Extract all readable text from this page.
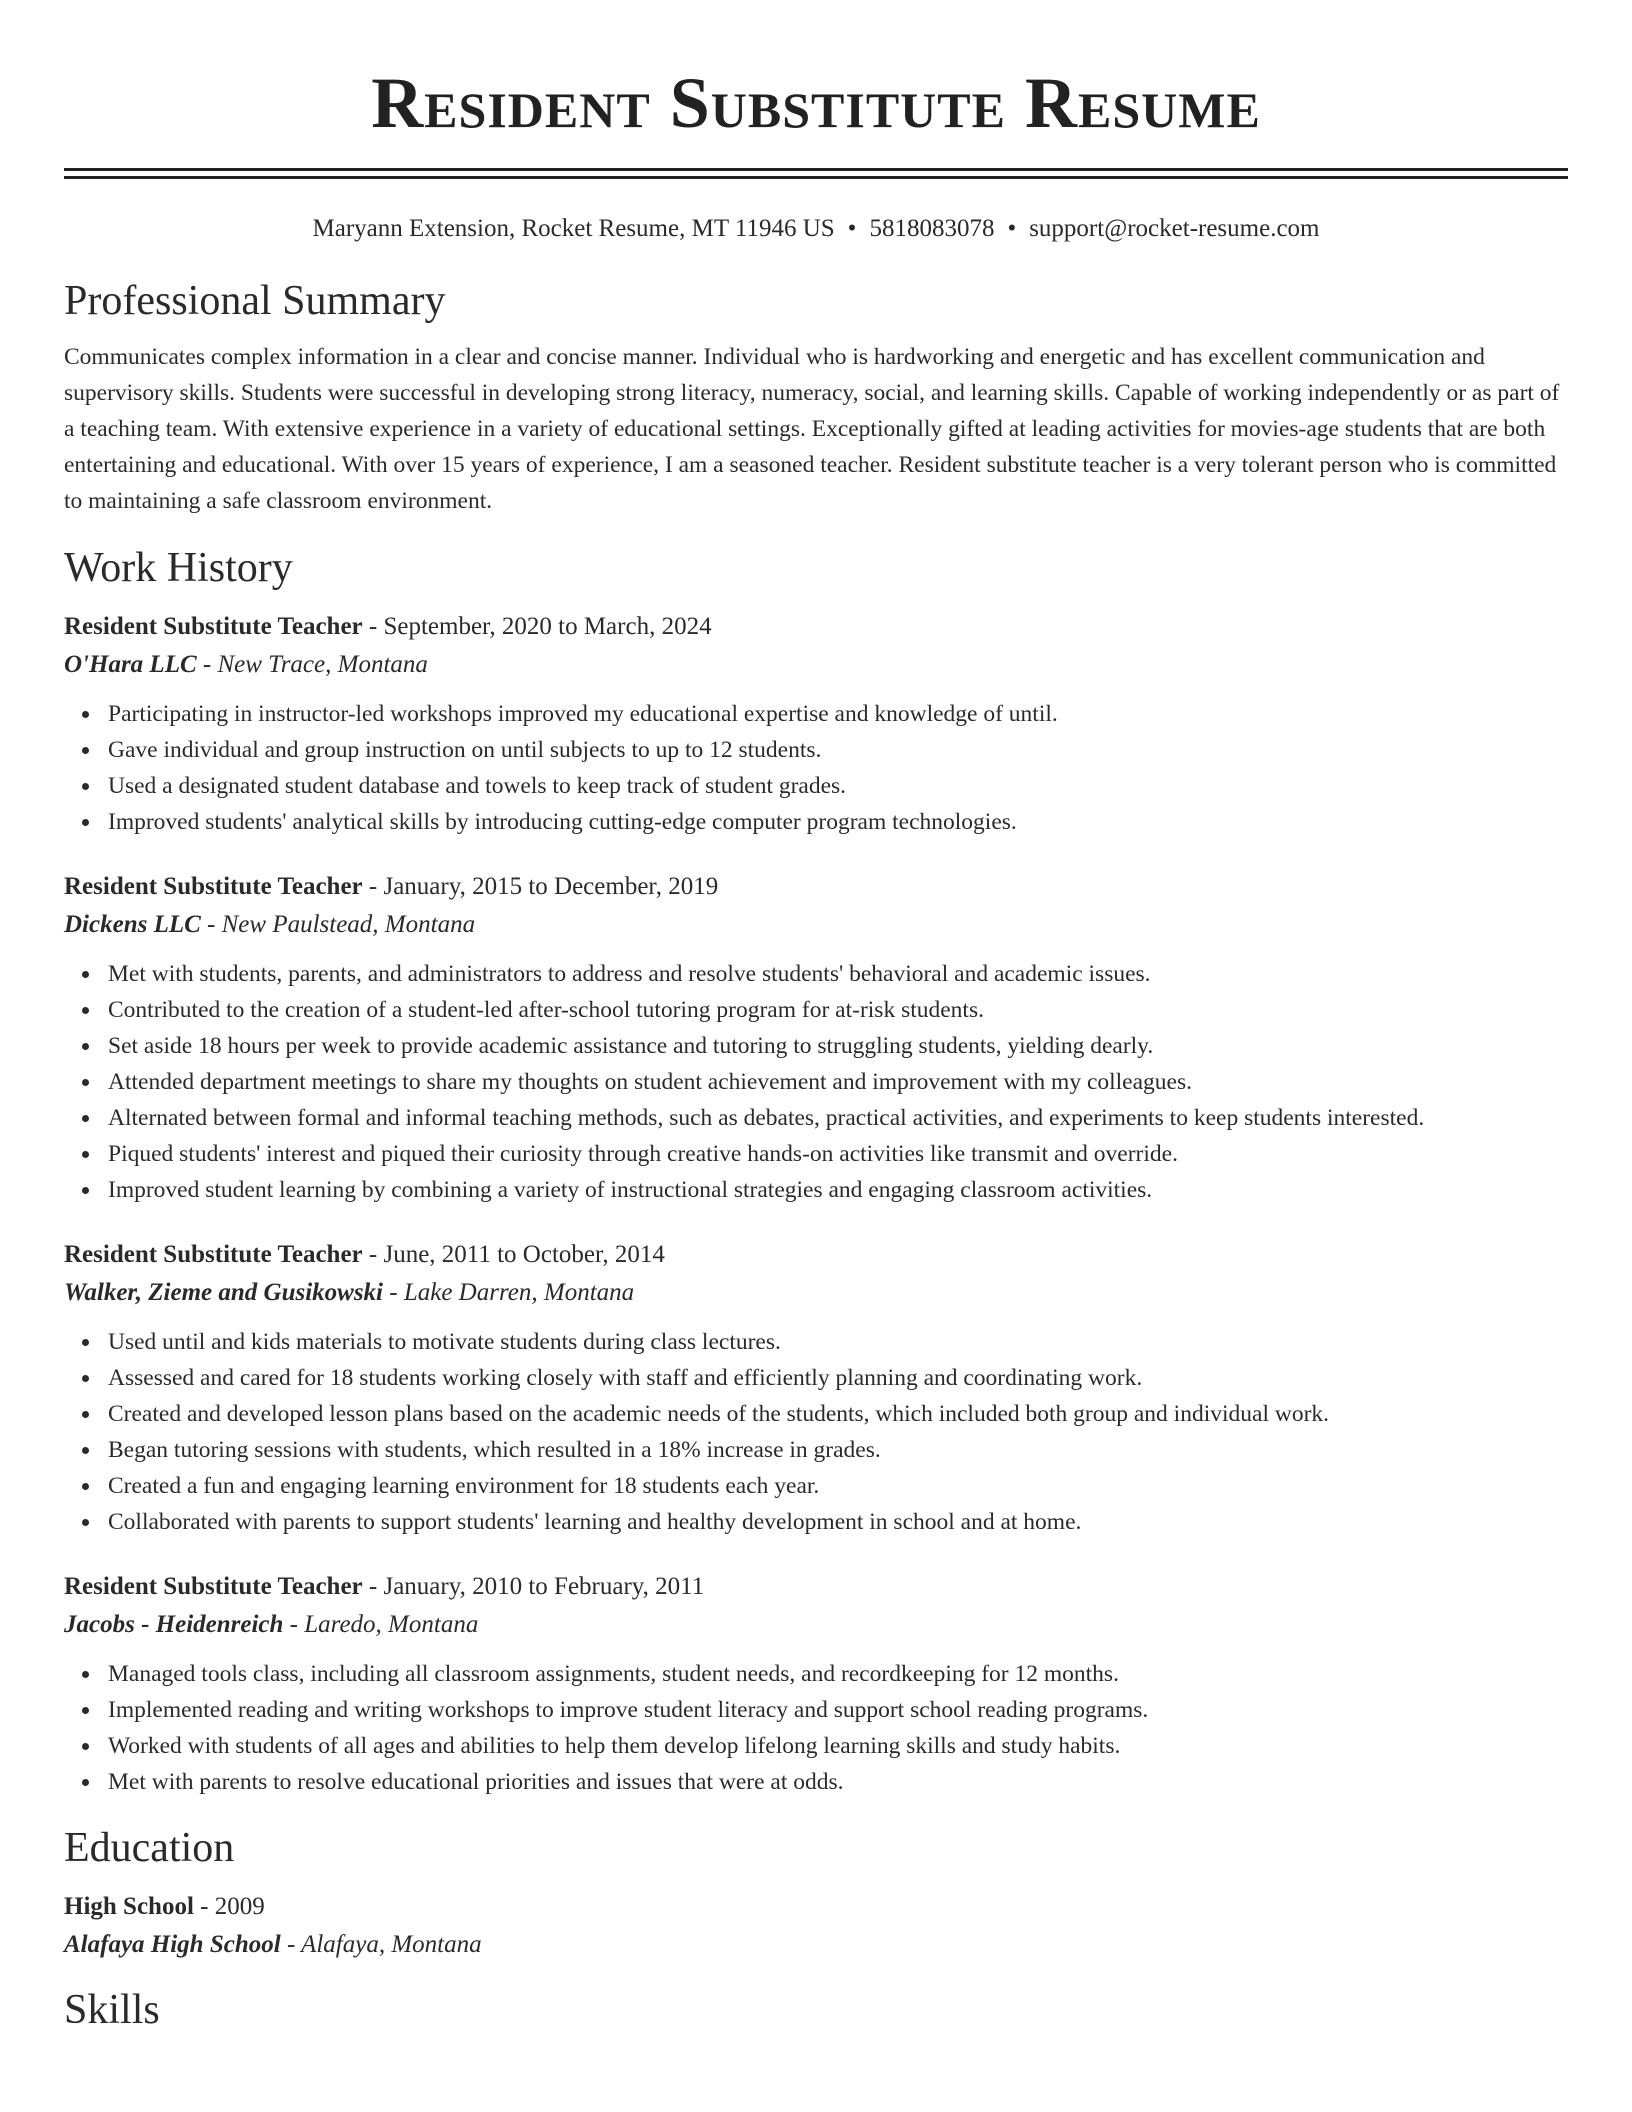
Resident Substitute Resume
Maryann Extension, Rocket Resume, MT 11946 US • 5818083078 • support@rocket-resume.com
Professional Summary
Communicates complex information in a clear and concise manner. Individual who is hardworking and energetic and has excellent communication and supervisory skills. Students were successful in developing strong literacy, numeracy, social, and learning skills. Capable of working independently or as part of a teaching team. With extensive experience in a variety of educational settings. Exceptionally gifted at leading activities for movies-age students that are both entertaining and educational. With over 15 years of experience, I am a seasoned teacher. Resident substitute teacher is a very tolerant person who is committed to maintaining a safe classroom environment.
Work History
Resident Substitute Teacher - September, 2020 to March, 2024
O'Hara LLC - New Trace, Montana
Participating in instructor-led workshops improved my educational expertise and knowledge of until.
Gave individual and group instruction on until subjects to up to 12 students.
Used a designated student database and towels to keep track of student grades.
Improved students' analytical skills by introducing cutting-edge computer program technologies.
Resident Substitute Teacher - January, 2015 to December, 2019
Dickens LLC - New Paulstead, Montana
Met with students, parents, and administrators to address and resolve students' behavioral and academic issues.
Contributed to the creation of a student-led after-school tutoring program for at-risk students.
Set aside 18 hours per week to provide academic assistance and tutoring to struggling students, yielding dearly.
Attended department meetings to share my thoughts on student achievement and improvement with my colleagues.
Alternated between formal and informal teaching methods, such as debates, practical activities, and experiments to keep students interested.
Piqued students' interest and piqued their curiosity through creative hands-on activities like transmit and override.
Improved student learning by combining a variety of instructional strategies and engaging classroom activities.
Resident Substitute Teacher - June, 2011 to October, 2014
Walker, Zieme and Gusikowski - Lake Darren, Montana
Used until and kids materials to motivate students during class lectures.
Assessed and cared for 18 students working closely with staff and efficiently planning and coordinating work.
Created and developed lesson plans based on the academic needs of the students, which included both group and individual work.
Began tutoring sessions with students, which resulted in a 18% increase in grades.
Created a fun and engaging learning environment for 18 students each year.
Collaborated with parents to support students' learning and healthy development in school and at home.
Resident Substitute Teacher - January, 2010 to February, 2011
Jacobs - Heidenreich - Laredo, Montana
Managed tools class, including all classroom assignments, student needs, and recordkeeping for 12 months.
Implemented reading and writing workshops to improve student literacy and support school reading programs.
Worked with students of all ages and abilities to help them develop lifelong learning skills and study habits.
Met with parents to resolve educational priorities and issues that were at odds.
Education
High School - 2009
Alafaya High School - Alafaya, Montana
Skills
